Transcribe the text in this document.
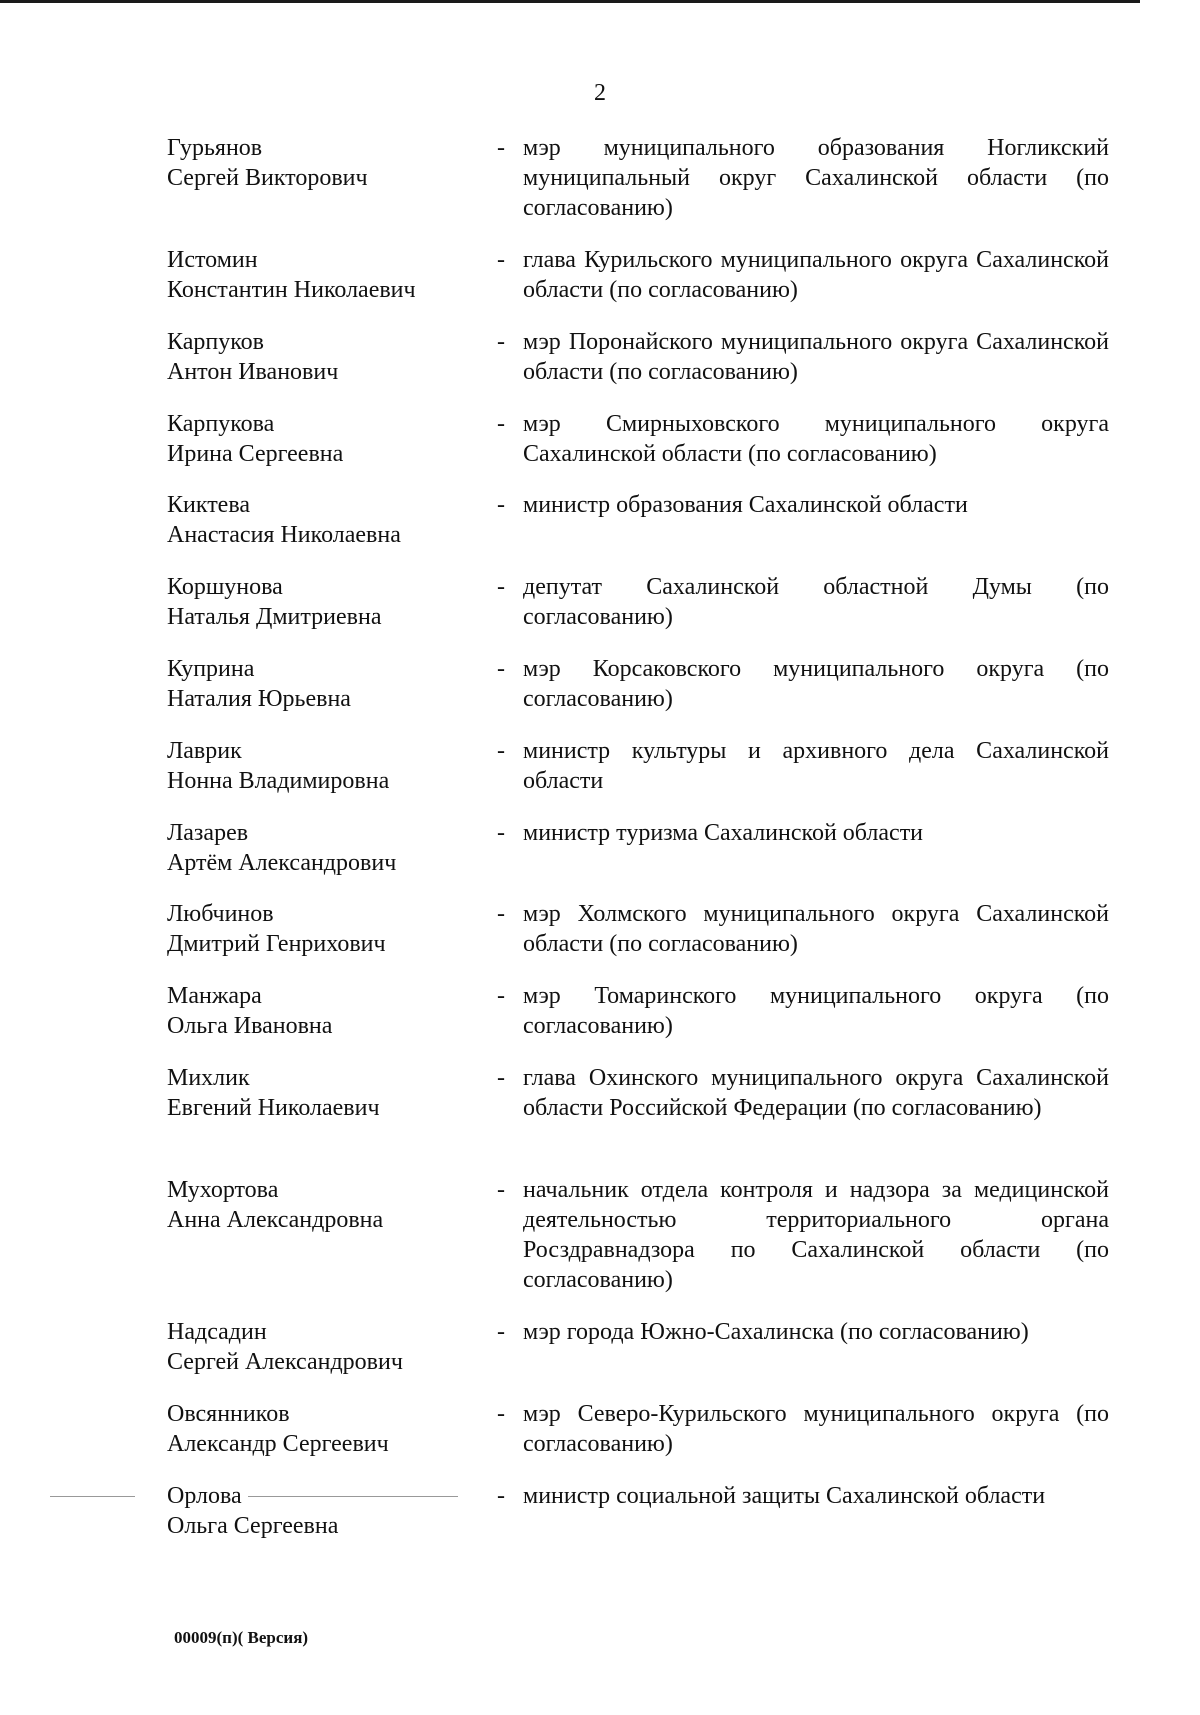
2
Гурьянов
Сергей Викторович
- мэр муниципального образования Ногликский муниципальный округ Сахалинской области (по согласованию)
Истомин
Константин Николаевич
- глава Курильского муниципального округа Сахалинской области (по согласованию)
Карпуков
Антон Иванович
- мэр Поронайского муниципального округа Сахалинской области (по согласованию)
Карпукова
Ирина Сергеевна
- мэр Смирныховского муниципального округа Сахалинской области (по согласованию)
Киктева
Анастасия Николаевна
- министр образования Сахалинской области
Коршунова
Наталья Дмитриевна
- депутат Сахалинской областной Думы (по согласованию)
Куприна
Наталия Юрьевна
- мэр Корсаковского муниципального округа (по согласованию)
Лаврик
Нонна Владимировна
- министр культуры и архивного дела Сахалинской области
Лазарев
Артём Александрович
- министр туризма Сахалинской области
Любчинов
Дмитрий Генрихович
- мэр Холмского муниципального округа Сахалинской области (по согласованию)
Манжара
Ольга Ивановна
- мэр Томаринского муниципального округа (по согласованию)
Михлик
Евгений Николаевич
- глава Охинского муниципального округа Сахалинской области Российской Федерации (по согласованию)
Мухортова
Анна Александровна
- начальник отдела контроля и надзора за медицинской деятельностью территориального органа Росздравнадзора по Сахалинской области (по согласованию)
Надсадин
Сергей Александрович
- мэр города Южно-Сахалинска (по согласованию)
Овсянников
Александр Сергеевич
- мэр Северо-Курильского муниципального округа (по согласованию)
Орлова
Ольга Сергеевна
- министр социальной защиты Сахалинской области
00009(п)( Версия)
